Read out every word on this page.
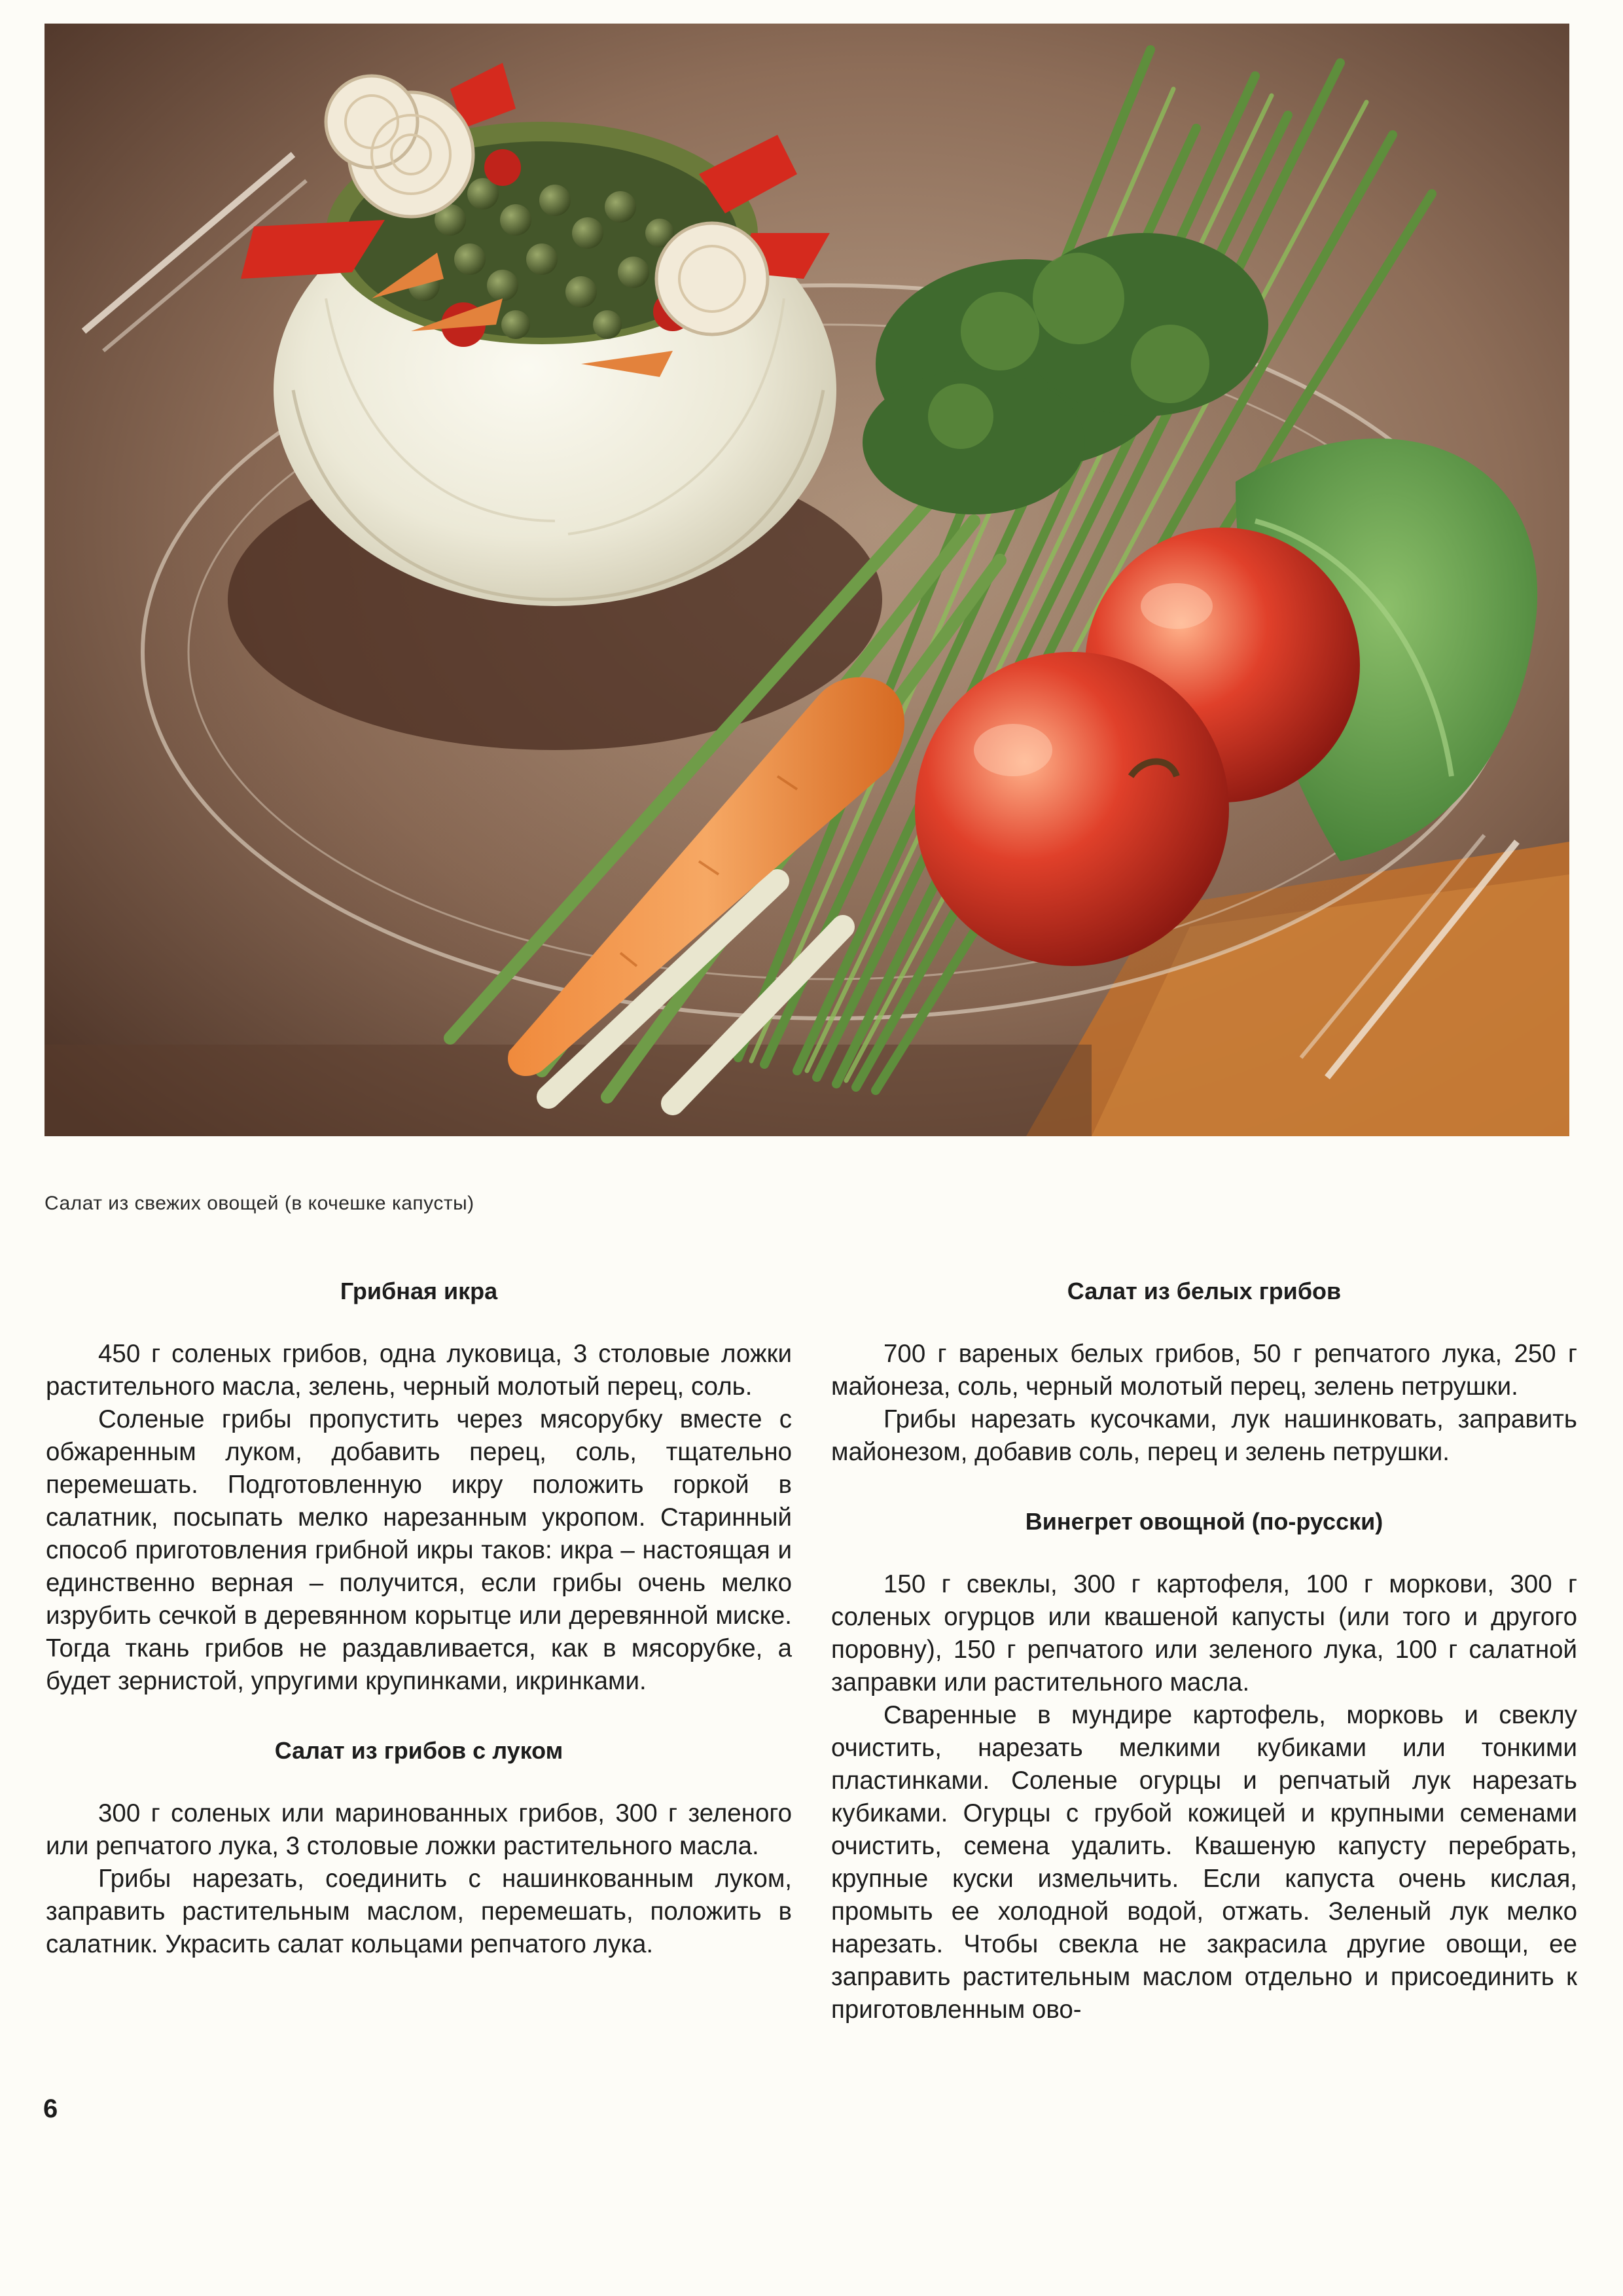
Салат из свежих овощей (в кочешке капусты)
Грибная икра

450 г соленых грибов, одна луковица, 3 столовые ложки растительного масла, зелень, черный молотый перец, соль.

Соленые грибы пропустить через мясорубку вместе с обжаренным луком, добавить перец, соль, тщательно перемешать. Подготовленную икру положить горкой в салатник, посыпать мелко нарезанным укропом. Старинный способ приготовления грибной икры таков: икра – настоящая и единственно верная – получится, если грибы очень мелко изрубить сечкой в деревянном корытце или деревянной миске. Тогда ткань грибов не раздавливается, как в мясорубке, а будет зернистой, упругими крупинками, икринками.

Салат из грибов с луком

300 г соленых или маринованных грибов, 300 г зеленого или репчатого лука, 3 столовые ложки растительного масла.

Грибы нарезать, соединить с нашинкованным луком, заправить растительным маслом, перемешать, положить в салатник. Украсить салат кольцами репчатого лука.

Салат из белых грибов

700 г вареных белых грибов, 50 г репчатого лука, 250 г майонеза, соль, черный молотый перец, зелень петрушки.

Грибы нарезать кусочками, лук нашинковать, заправить майонезом, добавив соль, перец и зелень петрушки.

Винегрет овощной (по-русски)

150 г свеклы, 300 г картофеля, 100 г моркови, 300 г соленых огурцов или квашеной капусты (или того и другого поровну), 150 г репчатого или зеленого лука, 100 г салатной заправки или растительного масла.

Сваренные в мундире картофель, морковь и свеклу очистить, нарезать мелкими кубиками или тонкими пластинками. Соленые огурцы и репчатый лук нарезать кубиками. Огурцы с грубой кожицей и крупными семенами очистить, семена удалить. Квашеную капусту перебрать, крупные куски измельчить. Если капуста очень кислая, промыть ее холодной водой, отжать. Зеленый лук мелко нарезать. Чтобы свекла не закрасила другие овощи, ее заправить растительным маслом отдельно и присоединить к приготовленным ово-

6
